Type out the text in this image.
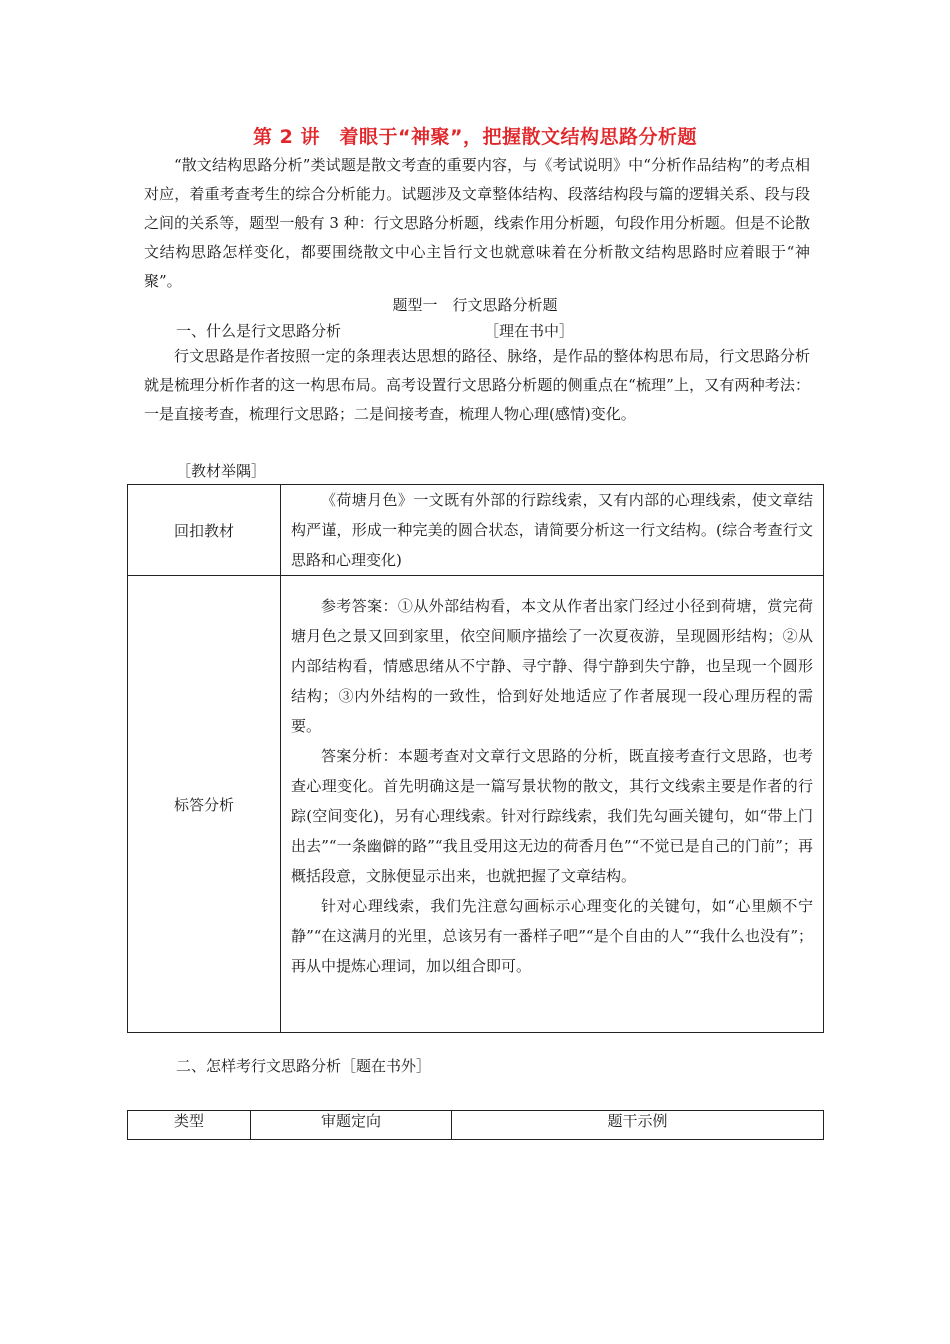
第 2 讲　着眼于“神聚”，把握散文结构思路分析题

“散文结构思路分析”类试题是散文考查的重要内容，与《考试说明》中“分析作品结构”的考点相对应，着重考查考生的综合分析能力。试题涉及文章整体结构、段落结构段与篇的逻辑关系、段与段之间的关系等，题型一般有 3 种：行文思路分析题，线索作用分析题，句段作用分析题。但是不论散文结构思路怎样变化，都要围绕散文中心主旨行文也就意味着在分析散文结构思路时应着眼于“神聚”。

题型一　行文思路分析题
一、什么是行文思路分析	［理在书中］

行文思路是作者按照一定的条理表达思想的路径、脉络，是作品的整体构思布局，行文思路分析就是梳理分析作者的这一构思布局。高考设置行文思路分析题的侧重点在“梳理”上，又有两种考法：一是直接考查，梳理行文思路；二是间接考查，梳理人物心理(感情)变化。

［教材举隅］
回扣教材	《荷塘月色》一文既有外部的行踪线索，又有内部的心理线索，使文章结构严谨，形成一种完美的圆合状态，请简要分析这一行文结构。(综合考查行文思路和心理变化)

标答分析	参考答案：①从外部结构看，本文从作者出家门经过小径到荷塘，赏完荷塘月色之景又回到家里，依空间顺序描绘了一次夏夜游，呈现圆形结构；②从内部结构看，情感思绪从不宁静、寻宁静、得宁静到失宁静，也呈现一个圆形结构；③内外结构的一致性，恰到好处地适应了作者展现一段心理历程的需要。

答案分析：本题考查对文章行文思路的分析，既直接考查行文思路，也考查心理变化。首先明确这是一篇写景状物的散文，其行文线索主要是作者的行踪(空间变化)，另有心理线索。针对行踪线索，我们先勾画关键句，如“带上门出去”“一条幽僻的路”“我且受用这无边的荷香月色”“不觉已是自己的门前”；再概括段意，文脉便显示出来，也就把握了文章结构。

针对心理线索，我们先注意勾画标示心理变化的关键句，如“心里颇不宁静”“在这满月的光里，总该另有一番样子吧”“是个自由的人”“我什么也没有”；再从中提炼心理词，加以组合即可。

二、怎样考行文思路分析［题在书外］
类型	审题定向	题干示例
